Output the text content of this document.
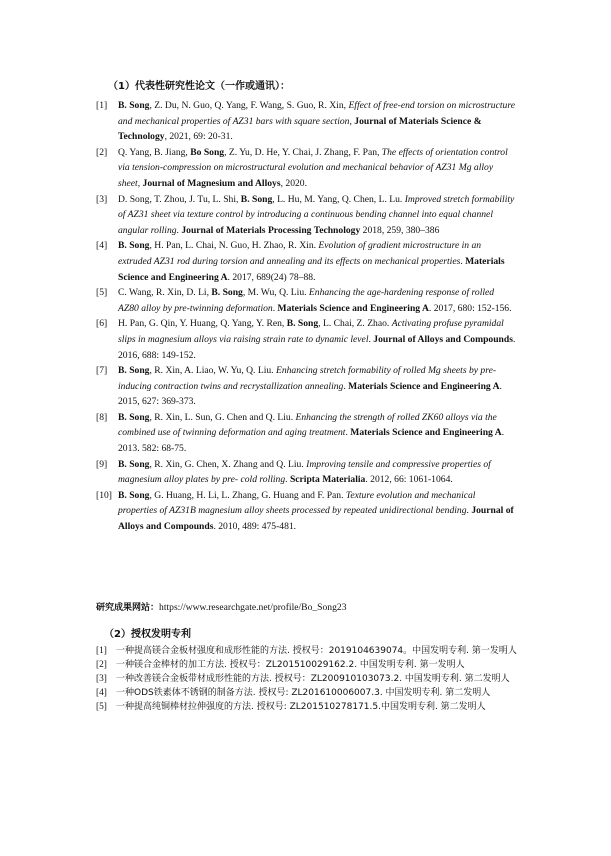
（1）代表性研究性论文（一作或通讯）：
[1] B. Song, Z. Du, N. Guo, Q. Yang, F. Wang, S. Guo, R. Xin, Effect of free-end torsion on microstructure and mechanical properties of AZ31 bars with square section, Journal of Materials Science & Technology, 2021, 69: 20-31.
[2] Q. Yang, B. Jiang, Bo Song, Z. Yu, D. He, Y. Chai, J. Zhang, F. Pan, The effects of orientation control via tension-compression on microstructural evolution and mechanical behavior of AZ31 Mg alloy sheet, Journal of Magnesium and Alloys, 2020.
[3] D. Song, T. Zhou, J. Tu, L. Shi, B. Song, L. Hu, M. Yang, Q. Chen, L. Lu. Improved stretch formability of AZ31 sheet via texture control by introducing a continuous bending channel into equal channel angular rolling. Journal of Materials Processing Technology 2018, 259, 380–386
[4] B. Song, H. Pan, L. Chai, N. Guo, H. Zhao, R. Xin. Evolution of gradient microstructure in an extruded AZ31 rod during torsion and annealing and its effects on mechanical properties. Materials Science and Engineering A. 2017, 689(24) 78–88.
[5] C. Wang, R. Xin, D. Li, B. Song, M. Wu, Q. Liu. Enhancing the age-hardening response of rolled AZ80 alloy by pre-twinning deformation. Materials Science and Engineering A. 2017, 680: 152-156.
[6] H. Pan, G. Qin, Y. Huang, Q. Yang, Y. Ren, B. Song, L. Chai, Z. Zhao. Activating profuse pyramidal slips in magnesium alloys via raising strain rate to dynamic level. Journal of Alloys and Compounds. 2016, 688: 149-152.
[7] B. Song, R. Xin, A. Liao, W. Yu, Q. Liu. Enhancing stretch formability of rolled Mg sheets by pre-inducing contraction twins and recrystallization annealing. Materials Science and Engineering A. 2015, 627: 369-373.
[8] B. Song, R. Xin, L. Sun, G. Chen and Q. Liu. Enhancing the strength of rolled ZK60 alloys via the combined use of twinning deformation and aging treatment. Materials Science and Engineering A. 2013. 582: 68-75.
[9] B. Song, R. Xin, G. Chen, X. Zhang and Q. Liu. Improving tensile and compressive properties of magnesium alloy plates by pre- cold rolling. Scripta Materialia. 2012, 66: 1061-1064.
[10] B. Song, G. Huang, H. Li, L. Zhang, G. Huang and F. Pan. Texture evolution and mechanical properties of AZ31B magnesium alloy sheets processed by repeated unidirectional bending. Journal of Alloys and Compounds. 2010, 489: 475-481.
研究成果网站：https://www.researchgate.net/profile/Bo_Song23
（2）授权发明专利
[1] 一种提高镁合金板材强度和成形性能的方法. 授权号：2019104639074。中国发明专利. 第一发明人
[2] 一种镁合金棒材的加工方法. 授权号：ZL201510029162.2. 中国发明专利. 第一发明人
[3] 一种改善镁合金板带材成形性能的方法. 授权号：ZL200910103073.2. 中国发明专利. 第二发明人
[4] 一种ODS铁素体不锈钢的制备方法. 授权号: ZL201610006007.3. 中国发明专利. 第二发明人
[5] 一种提高纯铜棒材拉伸强度的方法. 授权号: ZL201510278171.5.中国发明专利. 第二发明人
